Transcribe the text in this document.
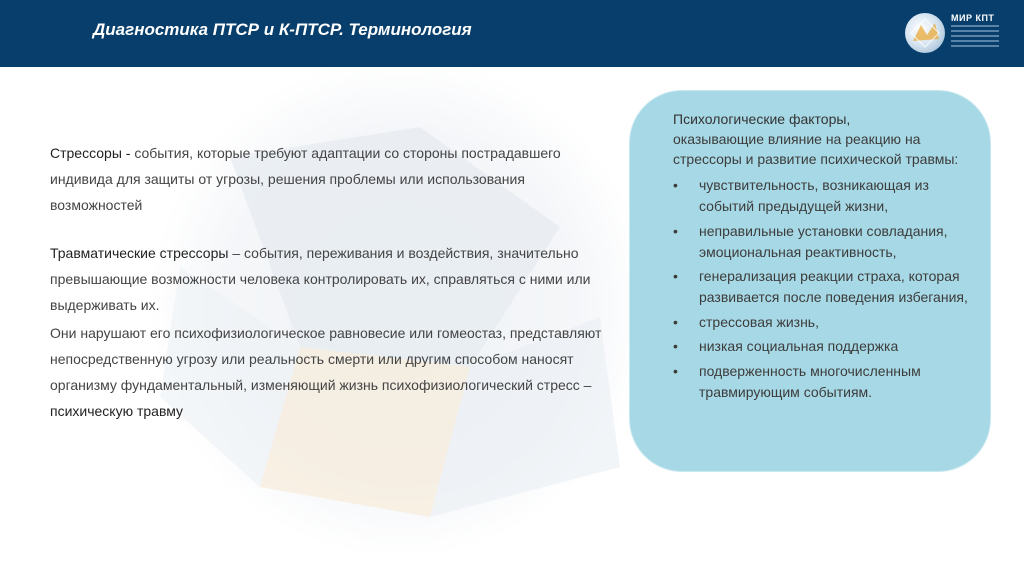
Диагностика ПТСР и К-ПТСР. Терминология
МИР КПТ

Стрессоры - события, которые требуют адаптации со стороны пострадавшего индивида для защиты от угрозы, решения проблемы или использования возможностей

Травматические стрессоры – события, переживания и воздействия, значительно превышающие возможности человека контролировать их, справляться с ними или выдерживать их.

Они нарушают его психофизиологическое равновесие или гомеостаз, представляют непосредственную угрозу или реальность смерти или другим способом наносят организму фундаментальный, изменяющий жизнь психофизиологический стресс – психическую травму

Психологические факторы,

оказывающие влияние на реакцию на стрессоры и развитие психической травмы:

• чувствительность, возникающая из событий предыдущей жизни,
• неправильные установки совладания, эмоциональная реактивность,
• генерализация реакции страха, которая развивается после поведения избегания,
• стрессовая жизнь,
• низкая социальная поддержка
• подверженность многочисленным травмирующим событиям.
